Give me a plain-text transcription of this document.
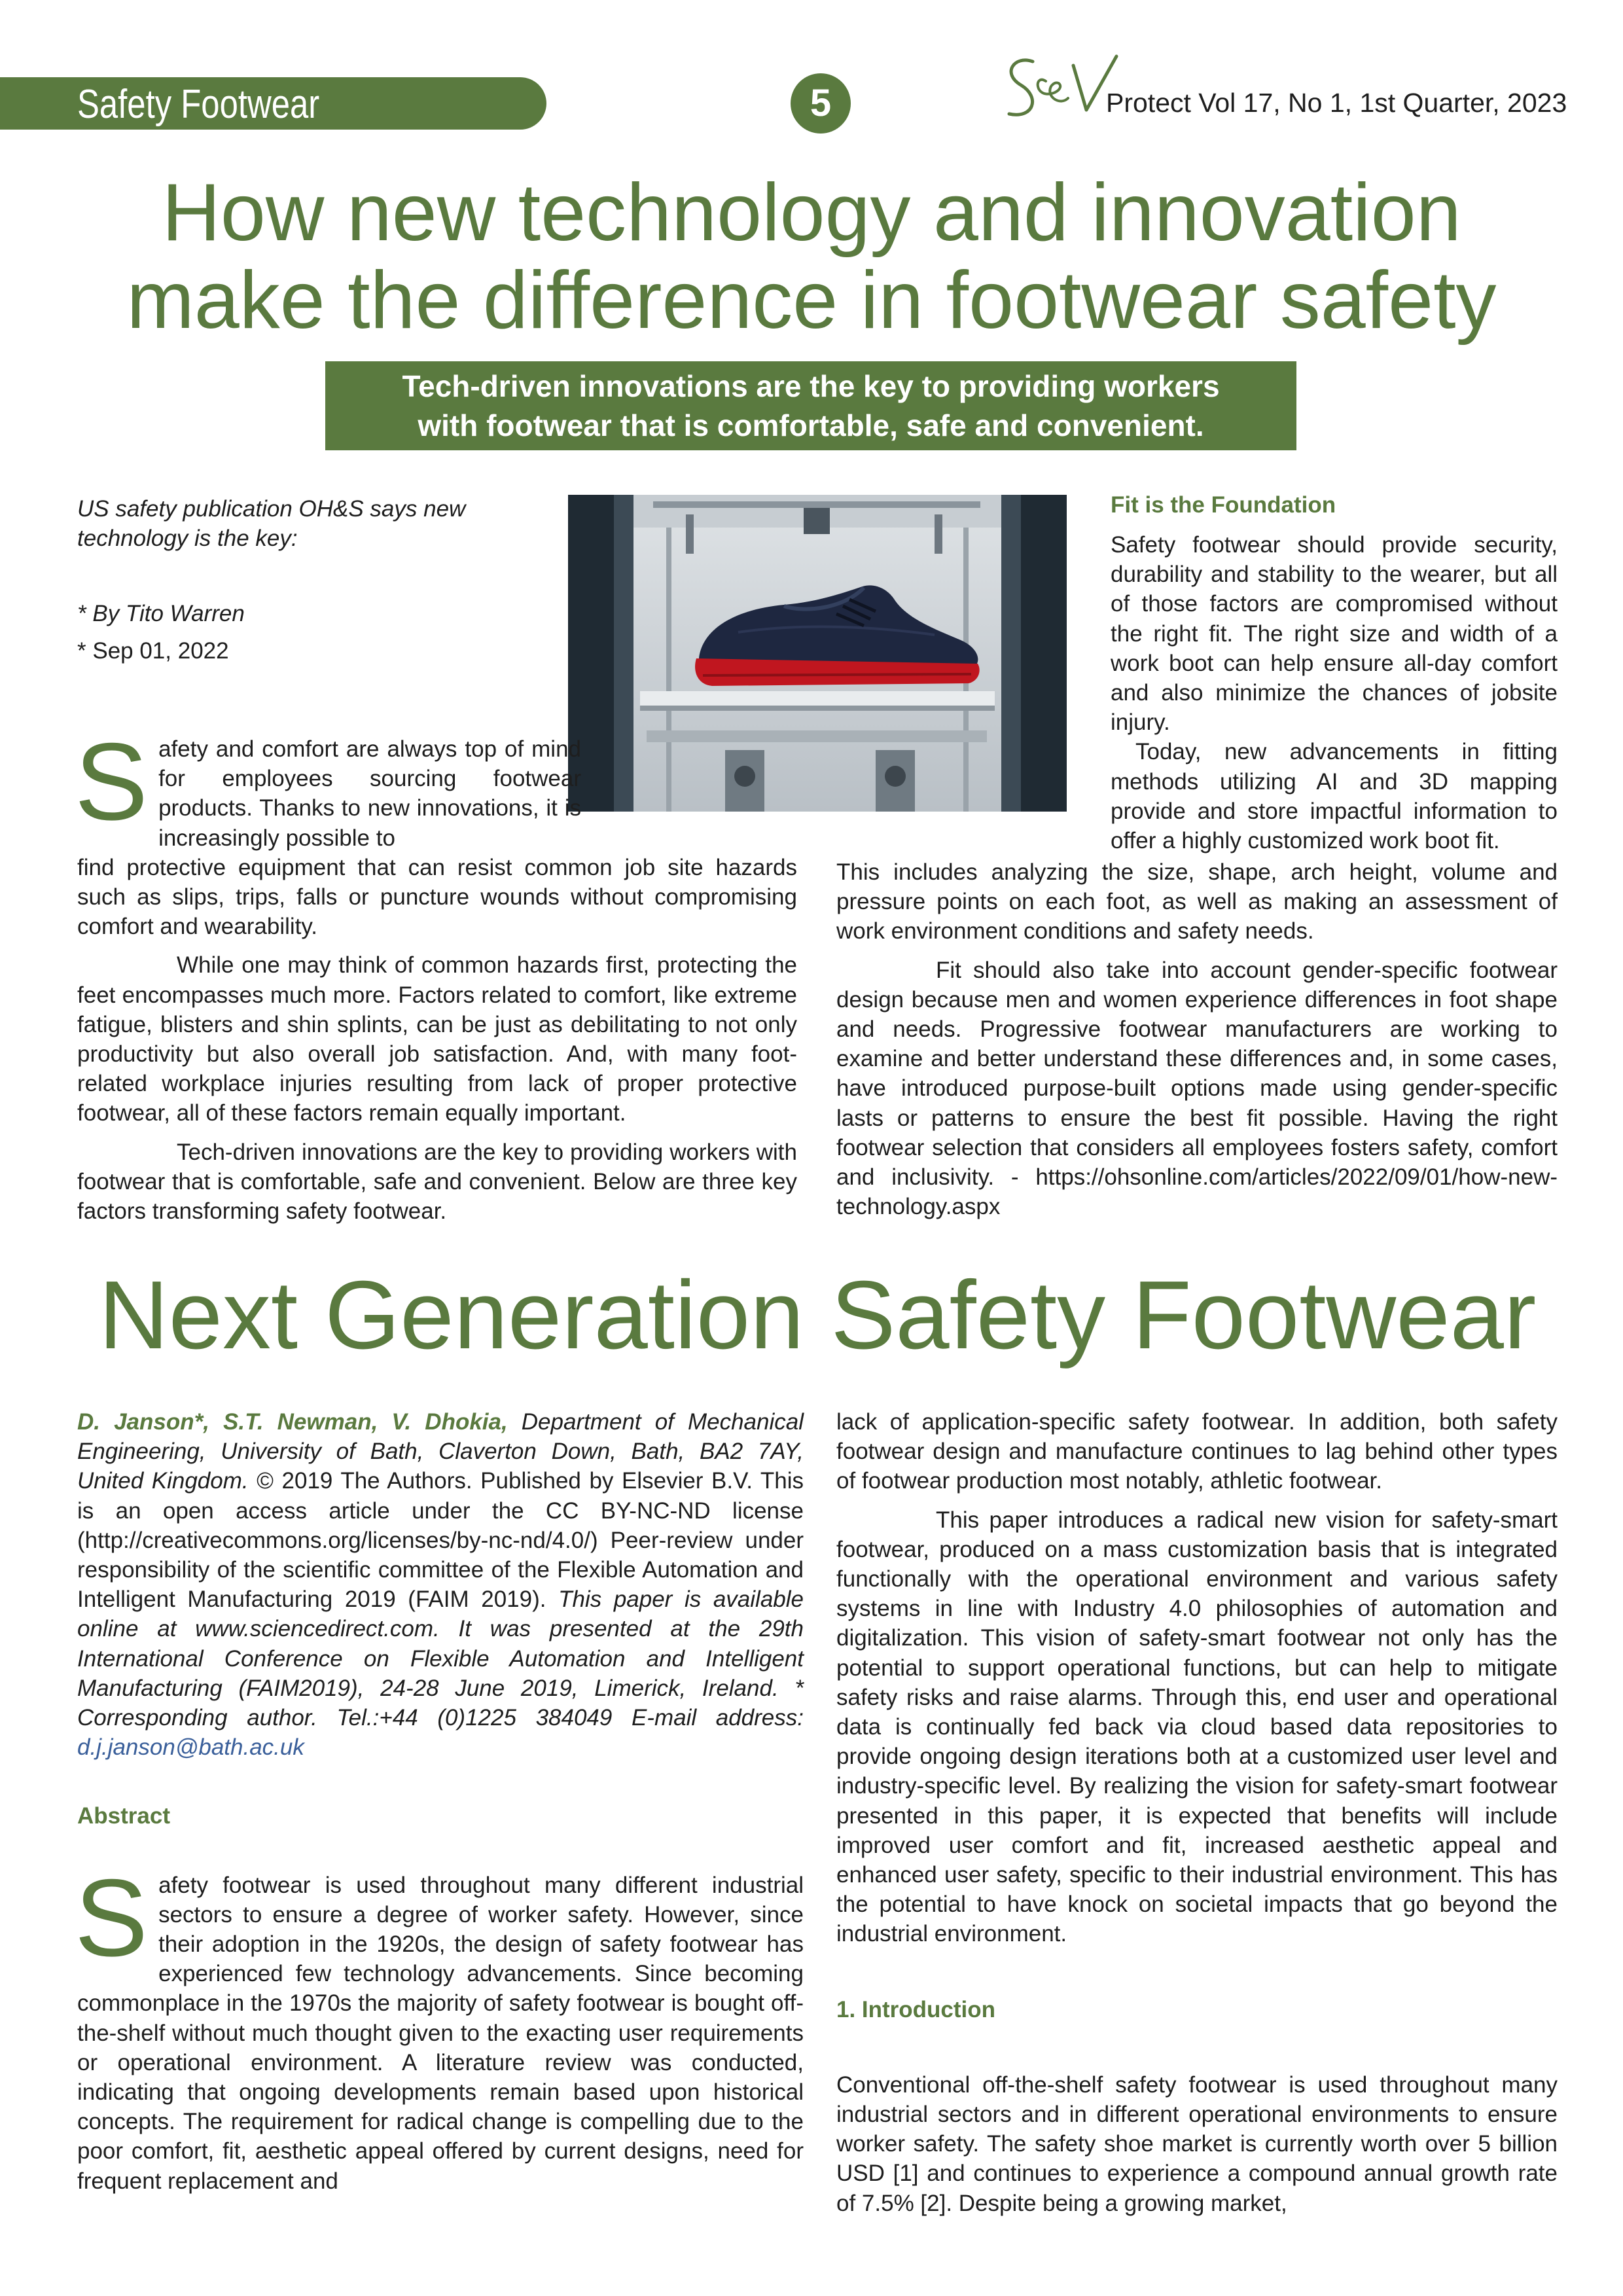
Safety Footwear	5	Protect Vol 17, No 1, 1st Quarter, 2023
How new technology and innovation
make the difference in footwear safety
Tech-driven innovations are the key to providing workers
with footwear that is comfortable, safe and convenient.
US safety publication OH&S says new
technology is the key:
* By Tito Warren
* Sep 01, 2022

S afety and comfort are always top of mind for employees sourcing footwear products. Thanks to new innovations, it is increasingly possible to

find protective equipment that can resist common job site hazards such as slips, trips, falls or puncture wounds without compromising comfort and wearability.

While one may think of common hazards first, protecting the feet encompasses much more. Factors related to comfort, like extreme fatigue, blisters and shin splints, can be just as debilitating to not only productivity but also overall job satisfaction. And, with many foot-related workplace injuries resulting from lack of proper protective footwear, all of these factors remain equally important.

Tech-driven innovations are the key to providing workers with footwear that is comfortable, safe and convenient. Below are three key factors transforming safety footwear.

Fit is the Foundation

Safety footwear should provide security, durability and stability to the wearer, but all of those factors are compromised without the right fit. The right size and width of a work boot can help ensure all-day comfort and also minimize the chances of jobsite injury.

Today, new advancements in fitting methods utilizing AI and 3D mapping provide and store impactful information to offer a highly customized work boot fit.

This includes analyzing the size, shape, arch height, volume and pressure points on each foot, as well as making an assessment of work environment conditions and safety needs.

Fit should also take into account gender-specific footwear design because men and women experience differences in foot shape and needs. Progressive footwear manufacturers are working to examine and better understand these differences and, in some cases, have introduced purpose-built options made using gender-specific lasts or patterns to ensure the best fit possible. Having the right footwear selection that considers all employees fosters safety, comfort and inclusivity. - https://ohsonline.com/articles/2022/09/01/how-new-technology.aspx

Next Generation Safety Footwear

D. Janson*, S.T. Newman, V. Dhokia, Department of Mechanical Engineering, University of Bath, Claverton Down, Bath, BA2 7AY, United Kingdom. © 2019 The Authors. Published by Elsevier B.V. This is an open access article under the CC BY-NC-ND license (http://creativecommons.org/licenses/by-nc-nd/4.0/) Peer-review under responsibility of the scientific committee of the Flexible Automation and Intelligent Manufacturing 2019 (FAIM 2019). This paper is available online at www.sciencedirect.com. It was presented at the 29th International Conference on Flexible Automation and Intelligent Manufacturing (FAIM2019), 24-28 June 2019, Limerick, Ireland. * Corresponding author. Tel.:+44 (0)1225 384049 E-mail address: d.j.janson@bath.ac.uk

Abstract

Safety footwear is used throughout many different industrial sectors to ensure a degree of worker safety. However, since their adoption in the 1920s, the design of safety footwear has experienced few technology advancements. Since becoming commonplace in the 1970s the majority of safety footwear is bought off-the-shelf without much thought given to the exacting user requirements or operational environment. A literature review was conducted, indicating that ongoing developments remain based upon historical concepts. The requirement for radical change is compelling due to the poor comfort, fit, aesthetic appeal offered by current designs, need for frequent replacement and

lack of application-specific safety footwear. In addition, both safety footwear design and manufacture continues to lag behind other types of footwear production most notably, athletic footwear.

This paper introduces a radical new vision for safety-smart footwear, produced on a mass customization basis that is integrated functionally with the operational environment and various safety systems in line with Industry 4.0 philosophies of automation and digitalization. This vision of safety-smart footwear not only has the potential to support operational functions, but can help to mitigate safety risks and raise alarms. Through this, end user and operational data is continually fed back via cloud based data repositories to provide ongoing design iterations both at a customized user level and industry-specific level. By realizing the vision for safety-smart footwear presented in this paper, it is expected that benefits will include improved user comfort and fit, increased aesthetic appeal and enhanced user safety, specific to their industrial environment. This has the potential to have knock on societal impacts that go beyond the industrial environment.

1. Introduction

Conventional off-the-shelf safety footwear is used throughout many industrial sectors and in different operational environments to ensure worker safety. The safety shoe market is currently worth over 5 billion USD [1] and continues to experience a compound annual growth rate of 7.5% [2]. Despite being a growing market,
